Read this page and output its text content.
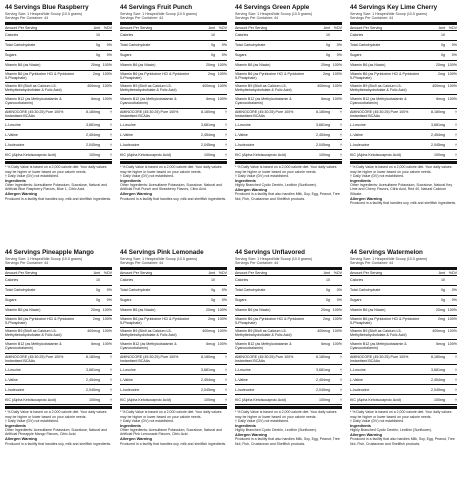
44 Servings Blue Raspberry
Serving Size: 1 Heaped/Idle Scoop (10.5 grams)
Servings Per Container: 44
Amount Per Serving	Amt	%DV
Calories	10
Total Carbohydrate	0g	0%
Sugars	0g	0%
Vitamin B6 (as Niacin)	20mg 100%
Vitamin B6 (as Pyridoxine HCl & Pyridoxine 5-Phosphate)
2mg 100%
Vitamin B9 (Bio9 as Calcium L5-Methyltetrahydrofolate & Folic Acid)
400mcg 100%
Vitamin B12 (as Methylcobalamin & Cyanocobalamin)
6mcg 100%
AMINOCORE (45:30:25) Pure 100% Instantised BCAAs
8,180mg	†
L-Leucine	3,681mg	†
L-Valine	2,454mg	†
L-Isoleucine	2,045mg	†
KIC (Alpha Ketoisocaproic Acid)	100mg	†
* % Daily Value is based on a 2,000 calorie diet. Your daily values may be higher or lower based on your calorie needs.
† Daily Value (DV) not established.
Ingredients
Other Ingredients: Acesulfame Potassium, Sucralose, Natural and Artificial Blue Raspberry Flavors, Blue 1, Citric Acid.
Allergen Warning
Produced in a facility that handles soy, milk and shellfish ingredients.
44 Servings Fruit Punch
Serving Size: 1 Heaped/Idle Scoop (10.5 grams)
Servings Per Container: 44
Amount Per Serving	Amt	%DV
Calories	10
Total Carbohydrate	0g	0%
Sugars	0g	0%
Vitamin B6 (as Niacin)	20mg 100%
Vitamin B6 (as Pyridoxine HCl & Pyridoxine 5-Phosphate)
2mg 100%
Vitamin B9 (Bio9 as Calcium L5-Methyltetrahydrofolate & Folic Acid)
400mcg 100%
Vitamin B12 (as Methylcobalamin & Cyanocobalamin)
6mcg 100%
AMINOCORE (45:30:25) Pure 100% Instantised BCAAs
8,180mg	†
L-Leucine	3,681mg	†
L-Valine	2,454mg	†
L-Isoleucine	2,045mg	†
KIC (Alpha Ketoisocaproic Acid)	100mg	†
* % Daily Value is based on a 2,000 calorie diet. Your daily values may be higher or lower based on your calorie needs.
† Daily Value (DV) not established.
Ingredients
Other Ingredients: Acesulfame Potassium, Sucralose, Natural and Artificial Fruit Punch and Strawberry Flavors, Citric Acid.
Allergen Warning
Produced in a facility that handles soy, milk and shellfish ingredients.
44 Servings Green Apple
Serving Size: 1 Heaped/Idle Scoop (10.5 grams)
Servings Per Container: 44
Amount Per Serving	Amt	%DV
Calories	10
Total Carbohydrate	0g	0%
Sugars	0g	0%
Vitamin B6 (as Niacin)	20mg 100%
Vitamin B6 (as Pyridoxine HCl & Pyridoxine 5-Phosphate)
2mg 100%
Vitamin B9 (Bio9 as Calcium L5-Methyltetrahydrofolate & Folic Acid)
400mcg 100%
Vitamin B12 (as Methylcobalamin & Cyanocobalamin)
6mcg 100%
AMINOCORE (45:30:25) Pure 100% Instantised BCAAs
8,180mg	†
L-Leucine	3,681mg	†
L-Valine	2,454mg	†
L-Isoleucine	2,045mg	†
KIC (Alpha Ketoisocaproic Acid)	100mg	†
* % Daily Value is based on a 2,000 calorie diet. Your daily values may be higher or lower based on your calorie needs.
† Daily Value (DV) not established.
Ingredients
Highly Branched Cyclic Dextrin, Lecithin (Sunflower).
Allergen Warning
Produced in a facility that also handles Milk, Soy, Egg, Peanut, Tree Nut, Fish, Crustacean and Shellfish products.
44 Servings Key Lime Cherry
Serving Size: 1 Heaped/Idle Scoop (10.5 grams)
Servings Per Container: 44
Amount Per Serving	Amt	%DV
Calories	10
Total Carbohydrate	0g	0%
Sugars	0g	0%
Vitamin B6 (as Niacin)	20mg 100%
Vitamin B6 (as Pyridoxine HCl & Pyridoxine 5-Phosphate)
2mg 100%
Vitamin B9 (Bio9 as Calcium L5-Methyltetrahydrofolate & Folic Acid)
400mcg 100%
Vitamin B12 (as Methylcobalamin & Cyanocobalamin)
6mcg 100%
AMINOCORE (45:30:25) Pure 100% Instantised BCAAs
8,180mg	†
L-Leucine	3,681mg	†
L-Valine	2,454mg	†
L-Isoleucine	2,045mg	†
KIC (Alpha Ketoisocaproic Acid)	100mg	†
* % Daily Value is based on a 2,000 calorie diet. Your daily values may be higher or lower based on your calorie needs.
† Daily Value (DV) not established.
Ingredients
Other Ingredients: Acesulfame Potassium, Sucralose, Natural Key Lime and Cherry Flavors, Citric Acid, Red 40, Natural Calcium Silicate.
Allergen Warning
Produced in a facility that handles soy, milk and shellfish ingredients.
44 Servings Pineapple Mango
Serving Size: 1 Heaped/Idle Scoop (10.5 grams)
Servings Per Container: 44
Amount Per Serving	Amt	%DV
Calories	10
Total Carbohydrate	0g	0%
Sugars	0g	0%
Vitamin B6 (as Niacin)	20mg 100%
Vitamin B6 (as Pyridoxine HCl & Pyridoxine 5-Phosphate)
2mg 100%
Vitamin B9 (Bio9 as Calcium L5-Methyltetrahydrofolate & Folic Acid)
400mcg 100%
Vitamin B12 (as Methylcobalamin & Cyanocobalamin)
6mcg 100%
AMINOCORE (45:30:25) Pure 100% Instantised BCAAs
8,180mg	†
L-Leucine	3,681mg	†
L-Valine	2,454mg	†
L-Isoleucine	2,045mg	†
KIC (Alpha Ketoisocaproic Acid)	100mg	†
* % Daily Value is based on a 2,000 calorie diet. Your daily values may be higher or lower based on your calorie needs.
† Daily Value (DV) not established.
Ingredients
Other Ingredients: Acesulfame Potassium, Sucralose, Natural and Artificial Pineapple Mango Flavors, Citric Acid.
Allergen Warning
Produced in a facility that handles soy, milk and shellfish ingredients.
44 Servings Pink Lemonade
Serving Size: 1 Heaped/Idle Scoop (10.5 grams)
Servings Per Container: 44
Amount Per Serving	Amt	%DV
Calories	10
Total Carbohydrate	0g	0%
Sugars	0g	0%
Vitamin B6 (as Niacin)	20mg 100%
Vitamin B6 (as Pyridoxine HCl & Pyridoxine 5-Phosphate)
2mg 100%
Vitamin B9 (Bio9 as Calcium L5-Methyltetrahydrofolate & Folic Acid)
400mcg 100%
Vitamin B12 (as Methylcobalamin & Cyanocobalamin)
6mcg 100%
AMINOCORE (45:30:25) Pure 100% Instantised BCAAs
8,180mg	†
L-Leucine	3,681mg	†
L-Valine	2,454mg	†
L-Isoleucine	2,045mg	†
KIC (Alpha Ketoisocaproic Acid)	100mg	†
* % Daily Value is based on a 2,000 calorie diet. Your daily values may be higher or lower based on your calorie needs.
† Daily Value (DV) not established.
Ingredients
Other Ingredients: Acesulfame Potassium, Sucralose, Natural and Artificial Pink Lemonade Flavors, Citric Acid.
Allergen Warning
Produced in a facility that handles soy, milk and shellfish ingredients.
44 Servings Unflavored
Serving Size: 1 Heaped/Idle Scoop (10.5 grams)
Servings Per Container: 44
Amount Per Serving	Amt	%DV
Calories	10
Total Carbohydrate	0g	0%
Sugars	0g	0%
Vitamin B6 (as Niacin)	20mg 100%
Vitamin B6 (as Pyridoxine HCl & Pyridoxine 5-Phosphate)
2mg 100%
Vitamin B9 (Bio9 as Calcium L5-Methyltetrahydrofolate & Folic Acid)
400mcg 100%
Vitamin B12 (as Methylcobalamin & Cyanocobalamin)
6mcg 100%
AMINOCORE (45:30:25) Pure 100% Instantised BCAAs
8,180mg	†
L-Leucine	3,681mg	†
L-Valine	2,454mg	†
L-Isoleucine	2,045mg	†
KIC (Alpha Ketoisocaproic Acid)	100mg	†
* % Daily Value is based on a 2,000 calorie diet. Your daily values may be higher or lower based on your calorie needs.
† Daily Value (DV) not established.
Ingredients
Highly Branched Cyclic Dextrin, Lecithin (Sunflower).
Allergen Warning
Produced in a facility that also handles Milk, Soy, Egg, Peanut, Tree Nut, Fish, Crustacean and Shellfish products.
44 Servings Watermelon
Serving Size: 1 Heaped/Idle Scoop (10.5 grams)
Servings Per Container: 44
Amount Per Serving	Amt	%DV
Calories	10
Total Carbohydrate	0g	0%
Sugars	0g	0%
Vitamin B6 (as Niacin)	20mg 100%
Vitamin B6 (as Pyridoxine HCl & Pyridoxine 5-Phosphate)
2mg 100%
Vitamin B9 (Bio9 as Calcium L5-Methyltetrahydrofolate & Folic Acid)
400mcg 100%
Vitamin B12 (as Methylcobalamin & Cyanocobalamin)
6mcg 100%
AMINOCORE (45:30:25) Pure 100% Instantised BCAAs
8,180mg	†
L-Leucine	3,681mg	†
L-Valine	2,454mg	†
L-Isoleucine	2,045mg	†
KIC (Alpha Ketoisocaproic Acid)	100mg	†
* % Daily Value is based on a 2,000 calorie diet. Your daily values may be higher or lower based on your calorie needs.
† Daily Value (DV) not established.
Ingredients
Highly Branched Cyclic Dextrin, Lecithin (Sunflower).
Allergen Warning
Produced in a facility that also handles Milk, Soy, Egg, Peanut, Tree Nut, Fish, Crustacean and Shellfish products.
